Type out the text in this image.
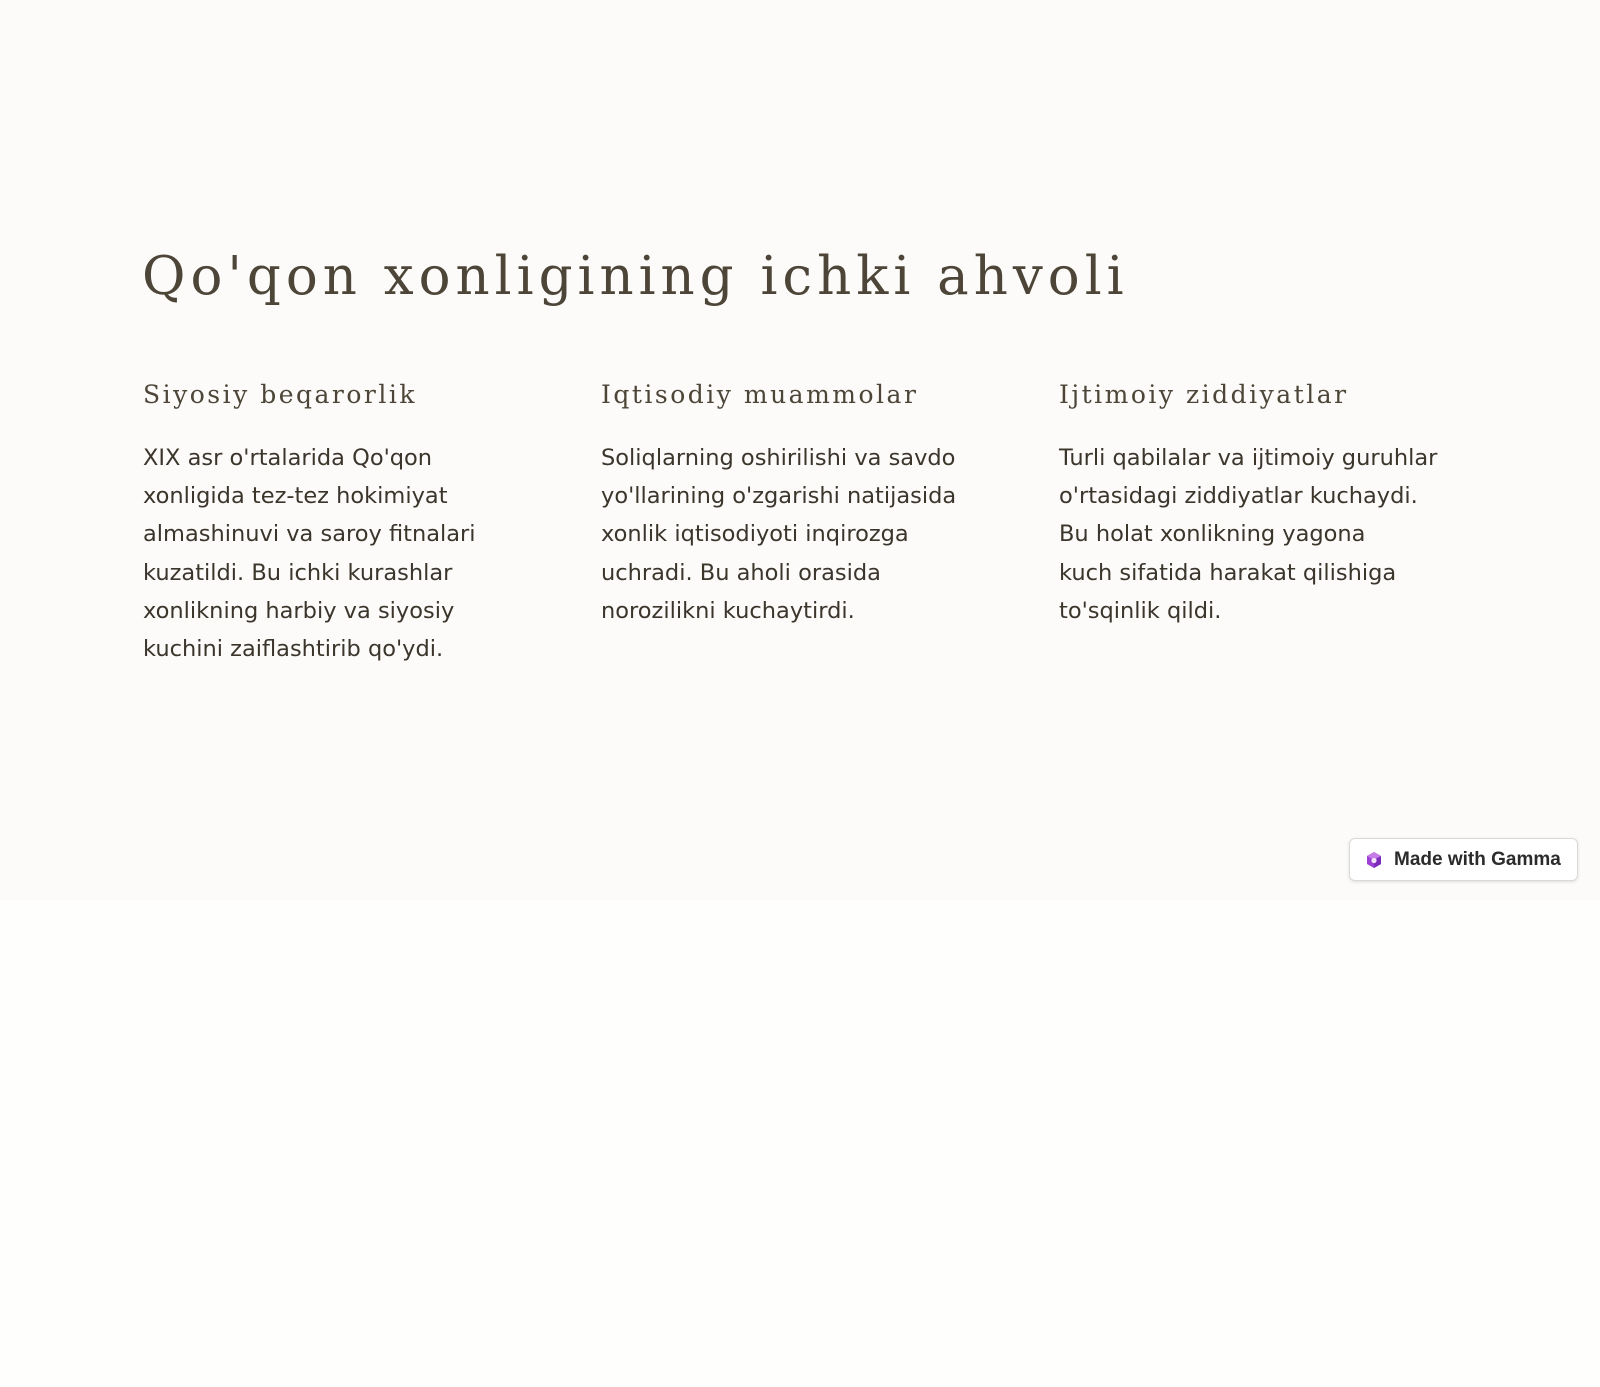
Qo'qon xonligining ichki ahvoli
Siyosiy beqarorlik

XIX asr o'rtalarida Qo'qon
xonligida tez-tez hokimiyat
almashinuvi va saroy fitnalari
kuzatildi. Bu ichki kurashlar
xonlikning harbiy va siyosiy
kuchini zaiflashtirib qo'ydi.

Iqtisodiy muammolar

Soliqlarning oshirilishi va savdo
yo'llarining o'zgarishi natijasida
xonlik iqtisodiyoti inqirozga
uchradi. Bu aholi orasida
norozilikni kuchaytirdi.

Ijtimoiy ziddiyatlar

Turli qabilalar va ijtimoiy guruhlar
o'rtasidagi ziddiyatlar kuchaydi.
Bu holat xonlikning yagona
kuch sifatida harakat qilishiga
to'sqinlik qildi.

Made with Gamma
